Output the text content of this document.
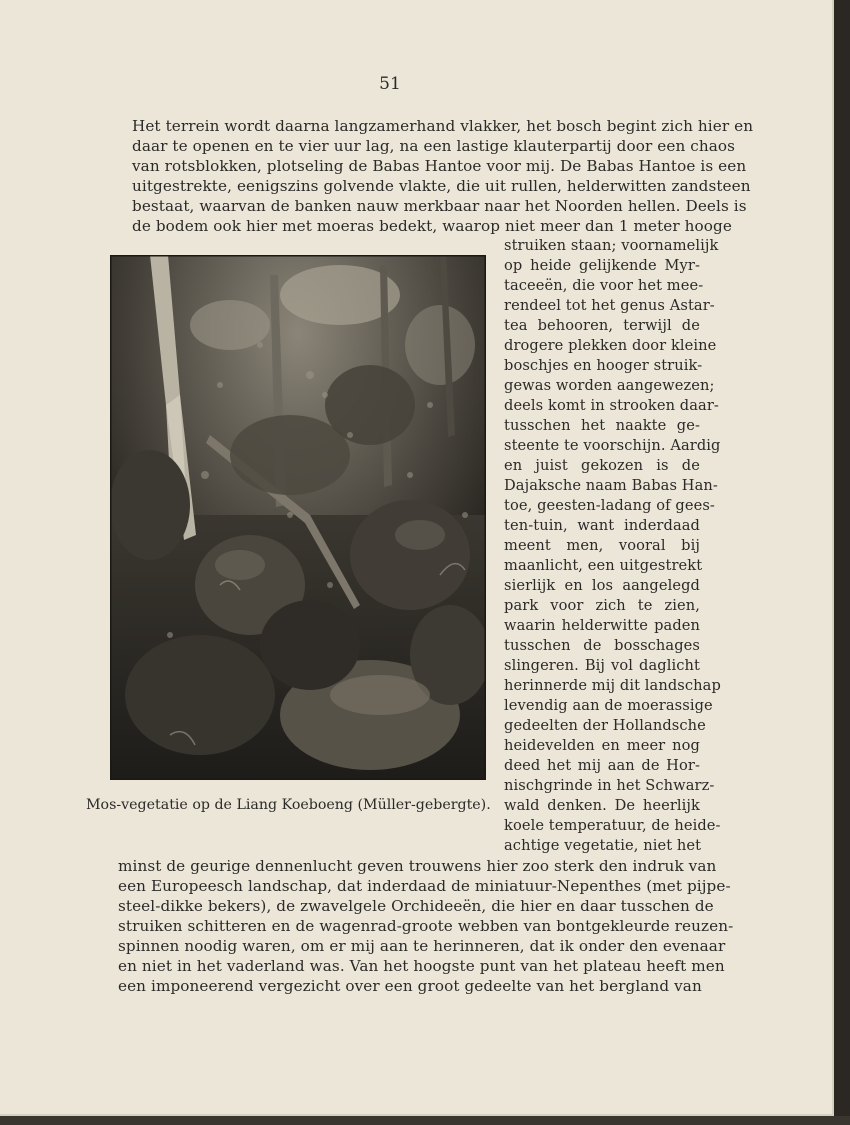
51
Het terrein wordt daarna langzamerhand vlakker, het bosch begint zich hier en
daar te openen en te vier uur lag, na een lastige klauterpartij door een chaos
van rotsblokken, plotseling de Babas Hantoe voor mij. De Babas Hantoe is een
uitgestrekte, eenigszins golvende vlakte, die uit rullen, helderwitten zandsteen
bestaat, waarvan de banken nauw merkbaar naar het Noorden hellen. Deels is
de bodem ook hier met moeras bedekt, waarop niet meer dan 1 meter hooge
Mos-vegetatie op de Liang Koeboeng (Müller-gebergte).
struiken staan; voornamelijk
op heide gelijkende Myr-
taceeën, die voor het mee-
rendeel tot het genus Astar-
tea behooren, terwijl de
drogere plekken door kleine
boschjes en hooger struik-
gewas worden aangewezen;
deels komt in strooken daar-
tusschen het naakte ge-
steente te voorschijn. Aardig
en juist gekozen is de
Dajaksche naam Babas Han-
toe, geesten-ladang of gees-
ten-tuin, want inderdaad
meent men, vooral bij
maanlicht, een uitgestrekt
sierlijk en los aangelegd
park voor zich te zien,
waarin helderwitte paden
tusschen de bosschages
slingeren. Bij vol daglicht
herinnerde mij dit landschap
levendig aan de moerassige
gedeelten der Hollandsche
heidevelden en meer nog
deed het mij aan de Hor-
nischgrinde in het Schwarz-
wald denken. De heerlijk
koele temperatuur, de heide-
achtige vegetatie, niet het
minst de geurige dennenlucht geven trouwens hier zoo sterk den indruk van
een Europeesch landschap, dat inderdaad de miniatuur-Nepenthes (met pijpe-
steel-dikke bekers), de zwavelgele Orchideeën, die hier en daar tusschen de
struiken schitteren en de wagenrad-groote webben van bontgekleurde reuzen-
spinnen noodig waren, om er mij aan te herinneren, dat ik onder den evenaar
en niet in het vaderland was. Van het hoogste punt van het plateau heeft men
een imponeerend vergezicht over een groot gedeelte van het bergland van
